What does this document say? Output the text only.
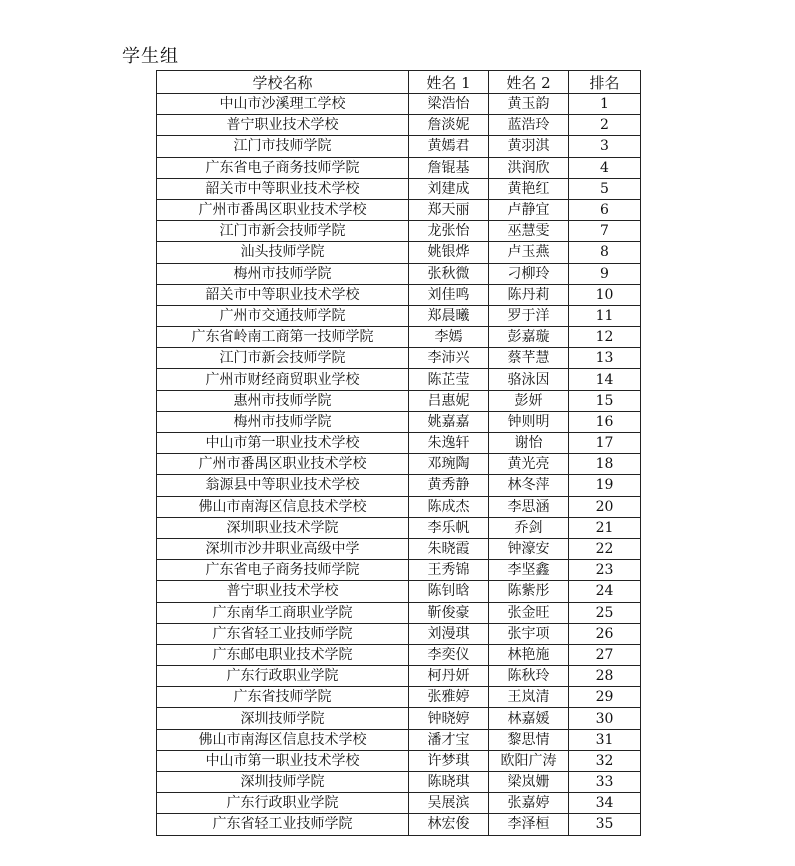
学生组
学校名称	姓名 1	姓名 2	排名
中山市沙溪理工学校	梁浩怡	黄玉韵	1
普宁职业技术学校	詹淡妮	蓝浩玲	2
江门市技师学院	黄嫣君	黄羽淇	3
广东省电子商务技师学院	詹锟基	洪润欣	4
韶关市中等职业技术学校	刘建成	黄艳红	5
广州市番禺区职业技术学校	郑天丽	卢静宜	6
江门市新会技师学院	龙张怡	巫慧雯	7
汕头技师学院	姚银烨	卢玉燕	8
梅州市技师学院	张秋微	刁柳玲	9
韶关市中等职业技术学校	刘佳鸣	陈丹莉	10
广州市交通技师学院	郑晨曦	罗于洋	11
广东省岭南工商第一技师学院	李嫣	彭嘉璇	12
江门市新会技师学院	李沛兴	蔡芊慧	13
广州市财经商贸职业学校	陈芷莹	骆泳因	14
惠州市技师学院	吕惠妮	彭妍	15
梅州市技师学院	姚嘉嘉	钟则明	16
中山市第一职业技术学校	朱逸轩	谢怡	17
广州市番禺区职业技术学校	邓琬陶	黄光亮	18
翁源县中等职业技术学校	黄秀静	林冬萍	19
佛山市南海区信息技术学校	陈成杰	李思涵	20
深圳职业技术学院	李乐帆	乔剑	21
深圳市沙井职业高级中学	朱晓霞	钟濠安	22
广东省电子商务技师学院	王秀锦	李坚鑫	23
普宁职业技术学校	陈钊晗	陈紫彤	24
广东南华工商职业学院	靳俊豪	张金旺	25
广东省轻工业技师学院	刘漫琪	张宇项	26
广东邮电职业技术学院	李奕仪	林艳施	27
广东行政职业学院	柯丹妍	陈秋玲	28
广东省技师学院	张雅婷	王岚清	29
深圳技师学院	钟晓婷	林嘉媛	30
佛山市南海区信息技术学校	潘才宝	黎思情	31
中山市第一职业技术学校	许梦琪	欧阳广涛	32
深圳技师学院	陈晓琪	梁岚姗	33
广东行政职业学院	吴展滨	张嘉婷	34
广东省轻工业技师学院	林宏俊	李泽桓	35
